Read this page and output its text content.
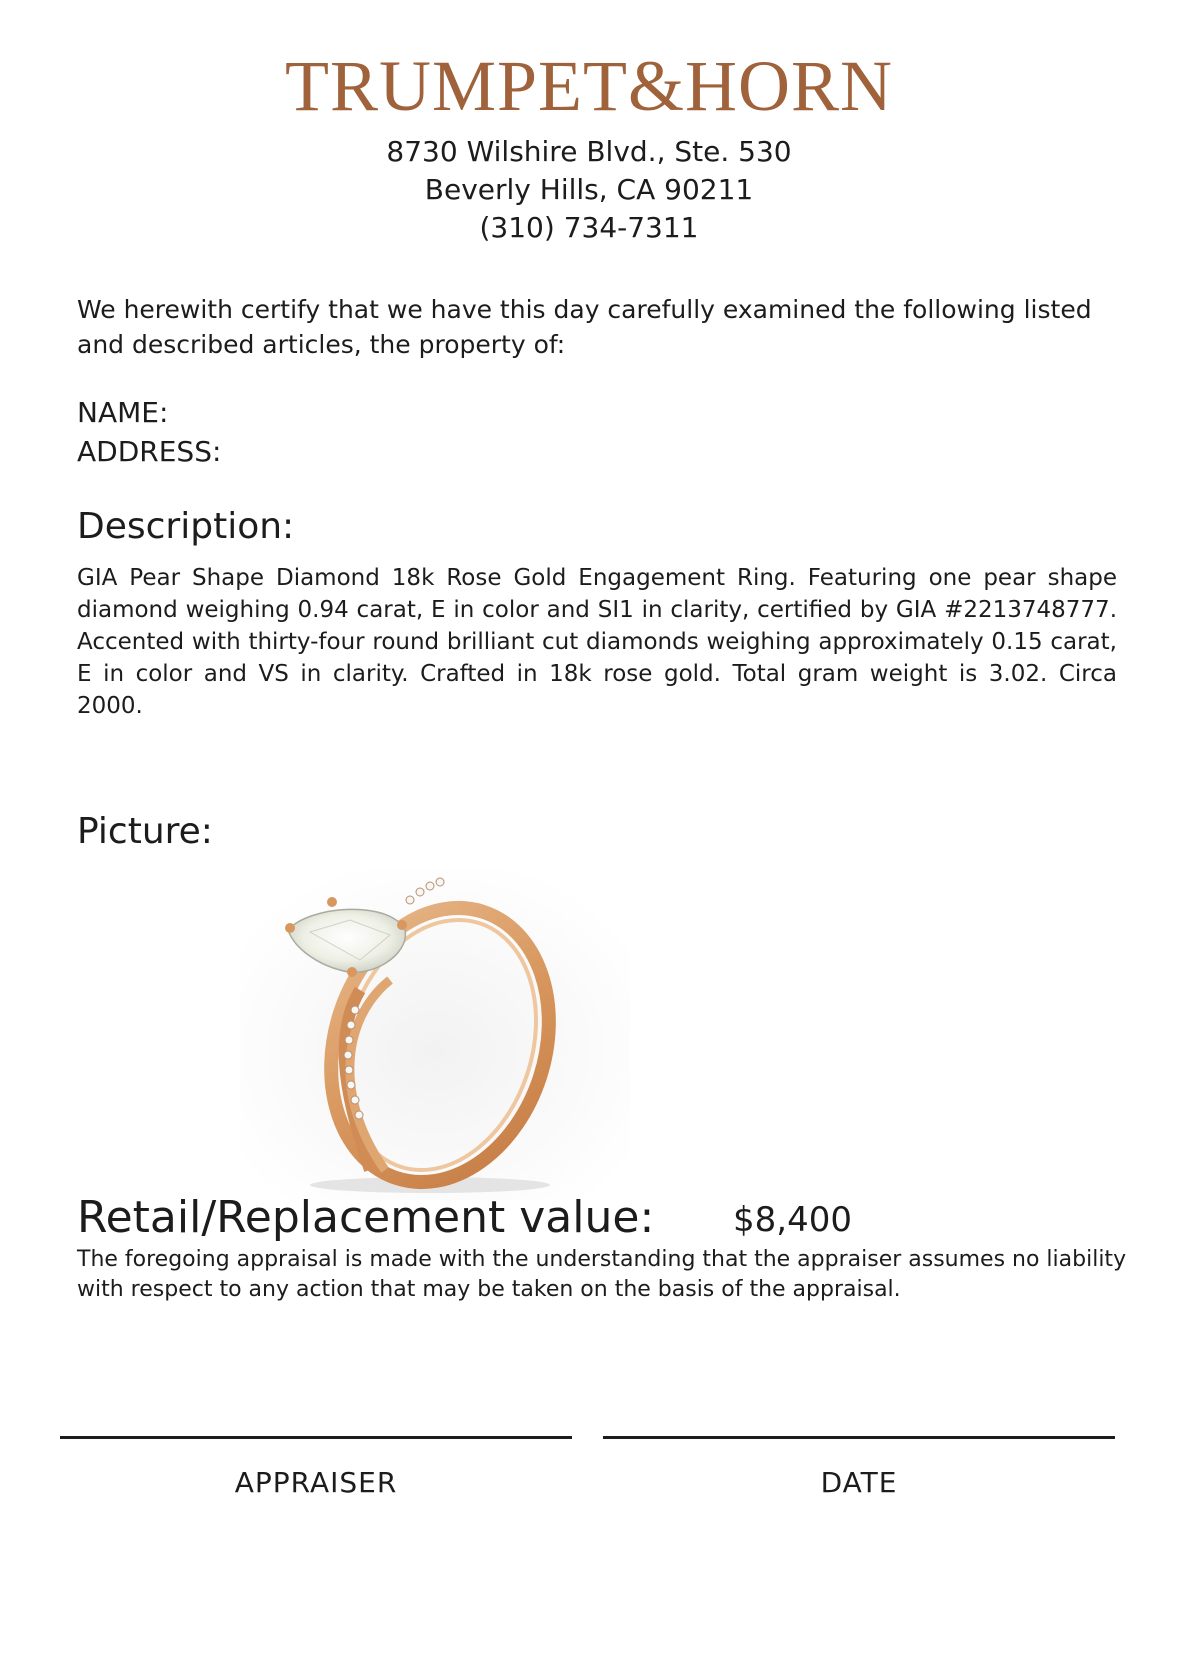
TRUMPET&HORN
8730 Wilshire Blvd., Ste. 530
Beverly Hills, CA 90211
(310) 734-7311
We herewith certify that we have this day carefully examined the following listed and described articles, the property of:
NAME:
ADDRESS:
Description:
GIA Pear Shape Diamond 18k Rose Gold Engagement Ring. Featuring one pear shape diamond weighing 0.94 carat, E in color and SI1 in clarity, certified by GIA #2213748777. Accented with thirty-four round brilliant cut diamonds weighing approximately 0.15 carat, E in color and VS in clarity. Crafted in 18k rose gold. Total gram weight is 3.02. Circa 2000.
Picture:
Retail/Replacement value: $8,400
The foregoing appraisal is made with the understanding that the appraiser assumes no liability with respect to any action that may be taken on the basis of the appraisal.
APPRAISER	DATE
